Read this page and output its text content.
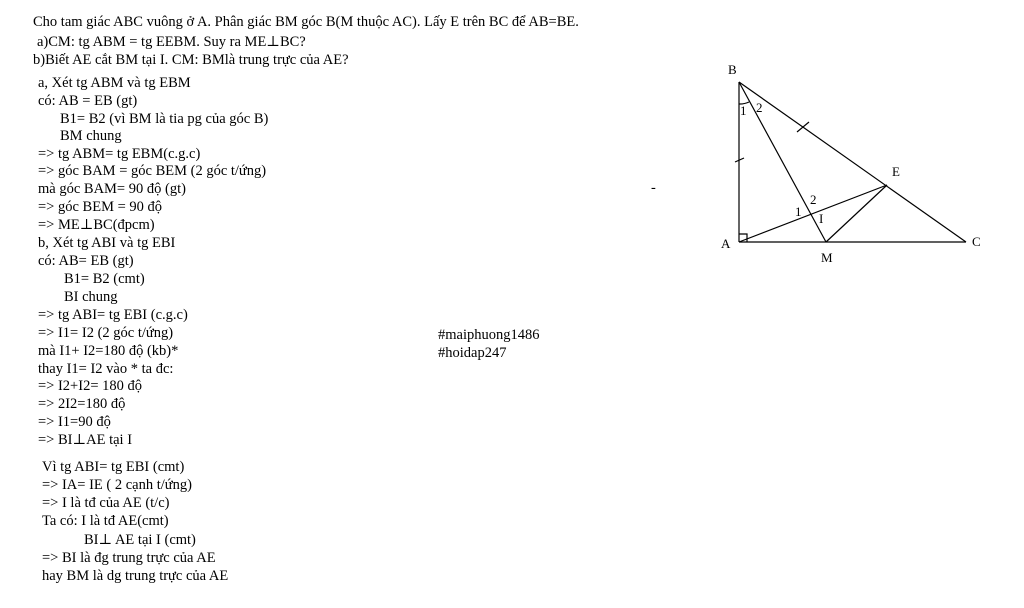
Cho tam giác ABC vuông ở A. Phân giác BM góc B(M thuộc AC). Lấy E trên BC để AB=BE.
a)CM: tg ABM = tg EEBM. Suy ra ME⊥BC?
b)Biết AE cắt BM tại I. CM: BMlà trung trực của AE?
a, Xét tg ABM và tg EBM
có: AB = EB (gt)
B1= B2 (vì BM là tia pg của góc B)
BM chung
=> tg ABM= tg EBM(c.g.c)
=> góc BAM = góc BEM (2 góc t/ứng)
mà góc BAM= 90 độ (gt)
=> góc BEM = 90 độ
=> ME⊥BC(đpcm)
b, Xét tg ABI và tg EBI
có: AB= EB (gt)
B1= B2 (cmt)
BI chung
=> tg ABI= tg EBI (c.g.c)
=> I1= I2 (2 góc t/ứng)
mà I1+ I2=180 độ (kb)*
thay I1= I2 vào * ta đc:
=> I2+I2= 180 độ
=> 2I2=180 độ
=> I1=90 độ
=> BI⊥AE tại I
Vì tg ABI= tg EBI (cmt)
=> IA= IE ( 2 cạnh t/ứng)
=> I là tđ của AE (t/c)
Ta có: I là tđ AE(cmt)
BI⊥ AE tại I (cmt)
=> BI là đg trung trực của AE
hay BM là dg trung trực của AE
#maiphuong1486
#hoidap247
-
B
A	C
E
M
I
1 2
1
2
